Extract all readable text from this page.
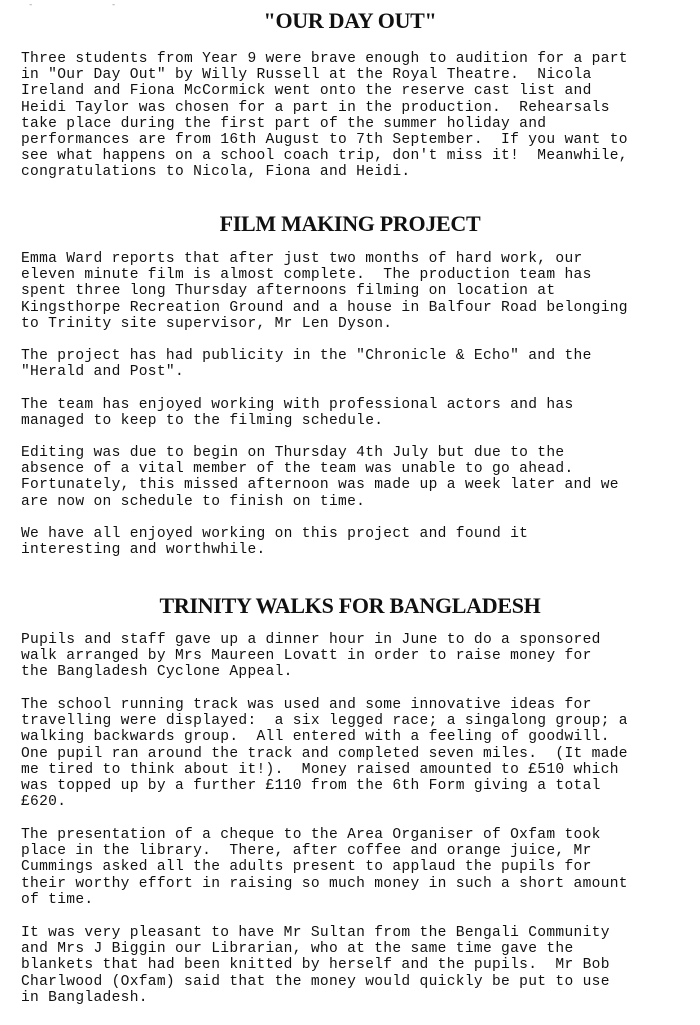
- -
"OUR DAY OUT"

Three students from Year 9 were brave enough to audition for a part
in "Our Day Out" by Willy Russell at the Royal Theatre.  Nicola
Ireland and Fiona McCormick went onto the reserve cast list and
Heidi Taylor was chosen for a part in the production.  Rehearsals
take place during the first part of the summer holiday and
performances are from 16th August to 7th September.  If you want to
see what happens on a school coach trip, don't miss it!  Meanwhile,
congratulations to Nicola, Fiona and Heidi.

FILM MAKING PROJECT

Emma Ward reports that after just two months of hard work, our
eleven minute film is almost complete.  The production team has
spent three long Thursday afternoons filming on location at
Kingsthorpe Recreation Ground and a house in Balfour Road belonging
to Trinity site supervisor, Mr Len Dyson.

The project has had publicity in the "Chronicle & Echo" and the
"Herald and Post".

The team has enjoyed working with professional actors and has
managed to keep to the filming schedule.

Editing was due to begin on Thursday 4th July but due to the
absence of a vital member of the team was unable to go ahead.
Fortunately, this missed afternoon was made up a week later and we
are now on schedule to finish on time.

We have all enjoyed working on this project and found it
interesting and worthwhile.

TRINITY WALKS FOR BANGLADESH

Pupils and staff gave up a dinner hour in June to do a sponsored
walk arranged by Mrs Maureen Lovatt in order to raise money for
the Bangladesh Cyclone Appeal.

The school running track was used and some innovative ideas for
travelling were displayed:  a six legged race; a singalong group; a
walking backwards group.  All entered with a feeling of goodwill.
One pupil ran around the track and completed seven miles.  (It made
me tired to think about it!).  Money raised amounted to £510 which
was topped up by a further £110 from the 6th Form giving a total
£620.

The presentation of a cheque to the Area Organiser of Oxfam took
place in the library.  There, after coffee and orange juice, Mr
Cummings asked all the adults present to applaud the pupils for
their worthy effort in raising so much money in such a short amount
of time.

It was very pleasant to have Mr Sultan from the Bengali Community
and Mrs J Biggin our Librarian, who at the same time gave the
blankets that had been knitted by herself and the pupils.  Mr Bob
Charlwood (Oxfam) said that the money would quickly be put to use
in Bangladesh.
